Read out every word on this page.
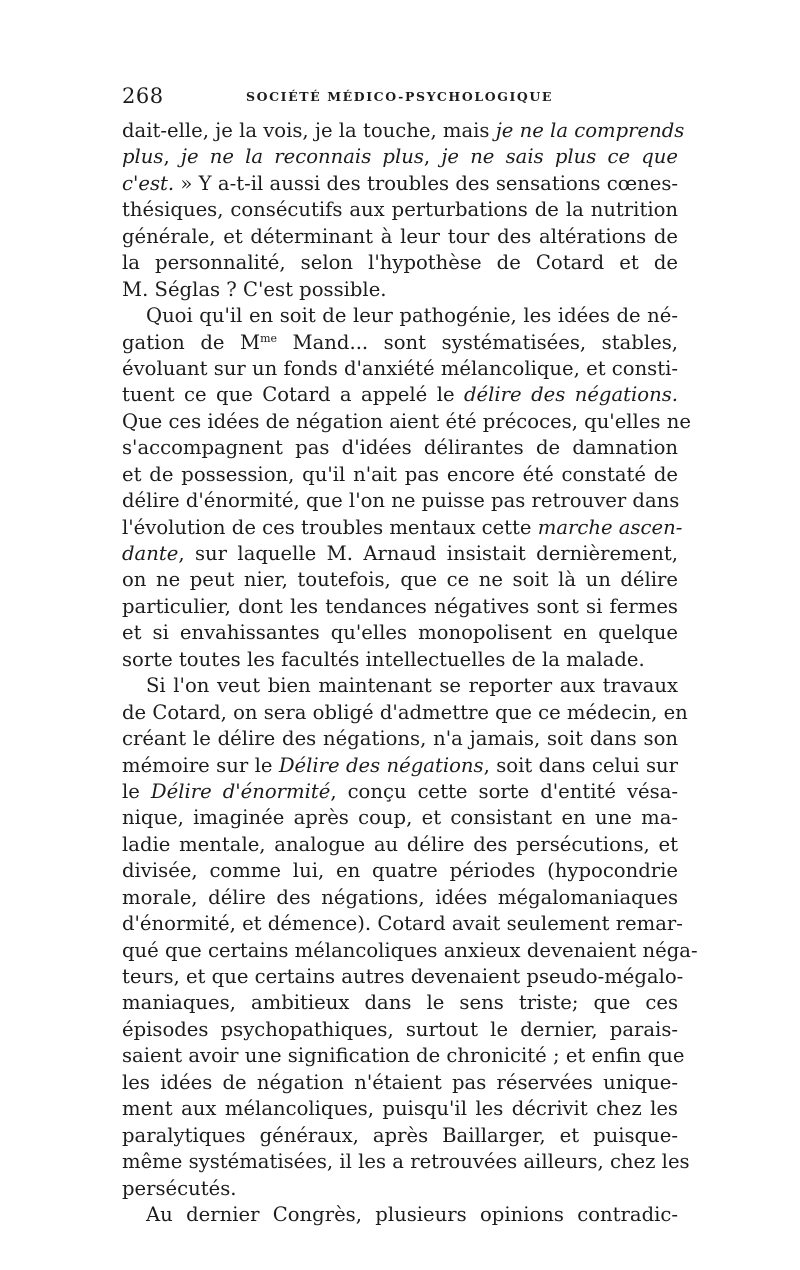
268	SOCIÉTÉ MÉDICO-PSYCHOLOGIQUE
dait-elle, je la vois, je la touche, mais je ne la comprends
plus, je ne la reconnais plus, je ne sais plus ce que
c'est. » Y a-t-il aussi des troubles des sensations cœnes-
thésiques, consécutifs aux perturbations de la nutrition
générale, et déterminant à leur tour des altérations de
la personnalité, selon l'hypothèse de Cotard et de
M. Séglas ? C'est possible.
Quoi qu'il en soit de leur pathogénie, les idées de né-
gation de $M^{me}$ Mand... sont systématisées, stables,
évoluant sur un fonds d'anxiété mélancolique, et consti-
tuent ce que Cotard a appelé le délire des négations.
Que ces idées de négation aient été précoces, qu'elles ne
s'accompagnent pas d'idées délirantes de damnation
et de possession, qu'il n'ait pas encore été constaté de
délire d'énormité, que l'on ne puisse pas retrouver dans
l'évolution de ces troubles mentaux cette marche ascen-
dante, sur laquelle M. Arnaud insistait dernièrement,
on ne peut nier, toutefois, que ce ne soit là un délire
particulier, dont les tendances négatives sont si fermes
et si envahissantes qu'elles monopolisent en quelque
sorte toutes les facultés intellectuelles de la malade.
Si l'on veut bien maintenant se reporter aux travaux
de Cotard, on sera obligé d'admettre que ce médecin, en
créant le délire des négations, n'a jamais, soit dans son
mémoire sur le Délire des négations, soit dans celui sur
le Délire d'énormité, conçu cette sorte d'entité vésa-
nique, imaginée après coup, et consistant en une ma-
ladie mentale, analogue au délire des persécutions, et
divisée, comme lui, en quatre périodes (hypocondrie
morale, délire des négations, idées mégalomaniaques
d'énormité, et démence). Cotard avait seulement remar-
qué que certains mélancoliques anxieux devenaient néga-
teurs, et que certains autres devenaient pseudo-mégalo-
maniaques, ambitieux dans le sens triste; que ces
épisodes psychopathiques, surtout le dernier, parais-
saient avoir une signification de chronicité ; et enfin que
les idées de négation n'étaient pas réservées unique-
ment aux mélancoliques, puisqu'il les décrivit chez les
paralytiques généraux, après Baillarger, et puisque-
même systématisées, il les a retrouvées ailleurs, chez les
persécutés.
Au dernier Congrès, plusieurs opinions contradic-
